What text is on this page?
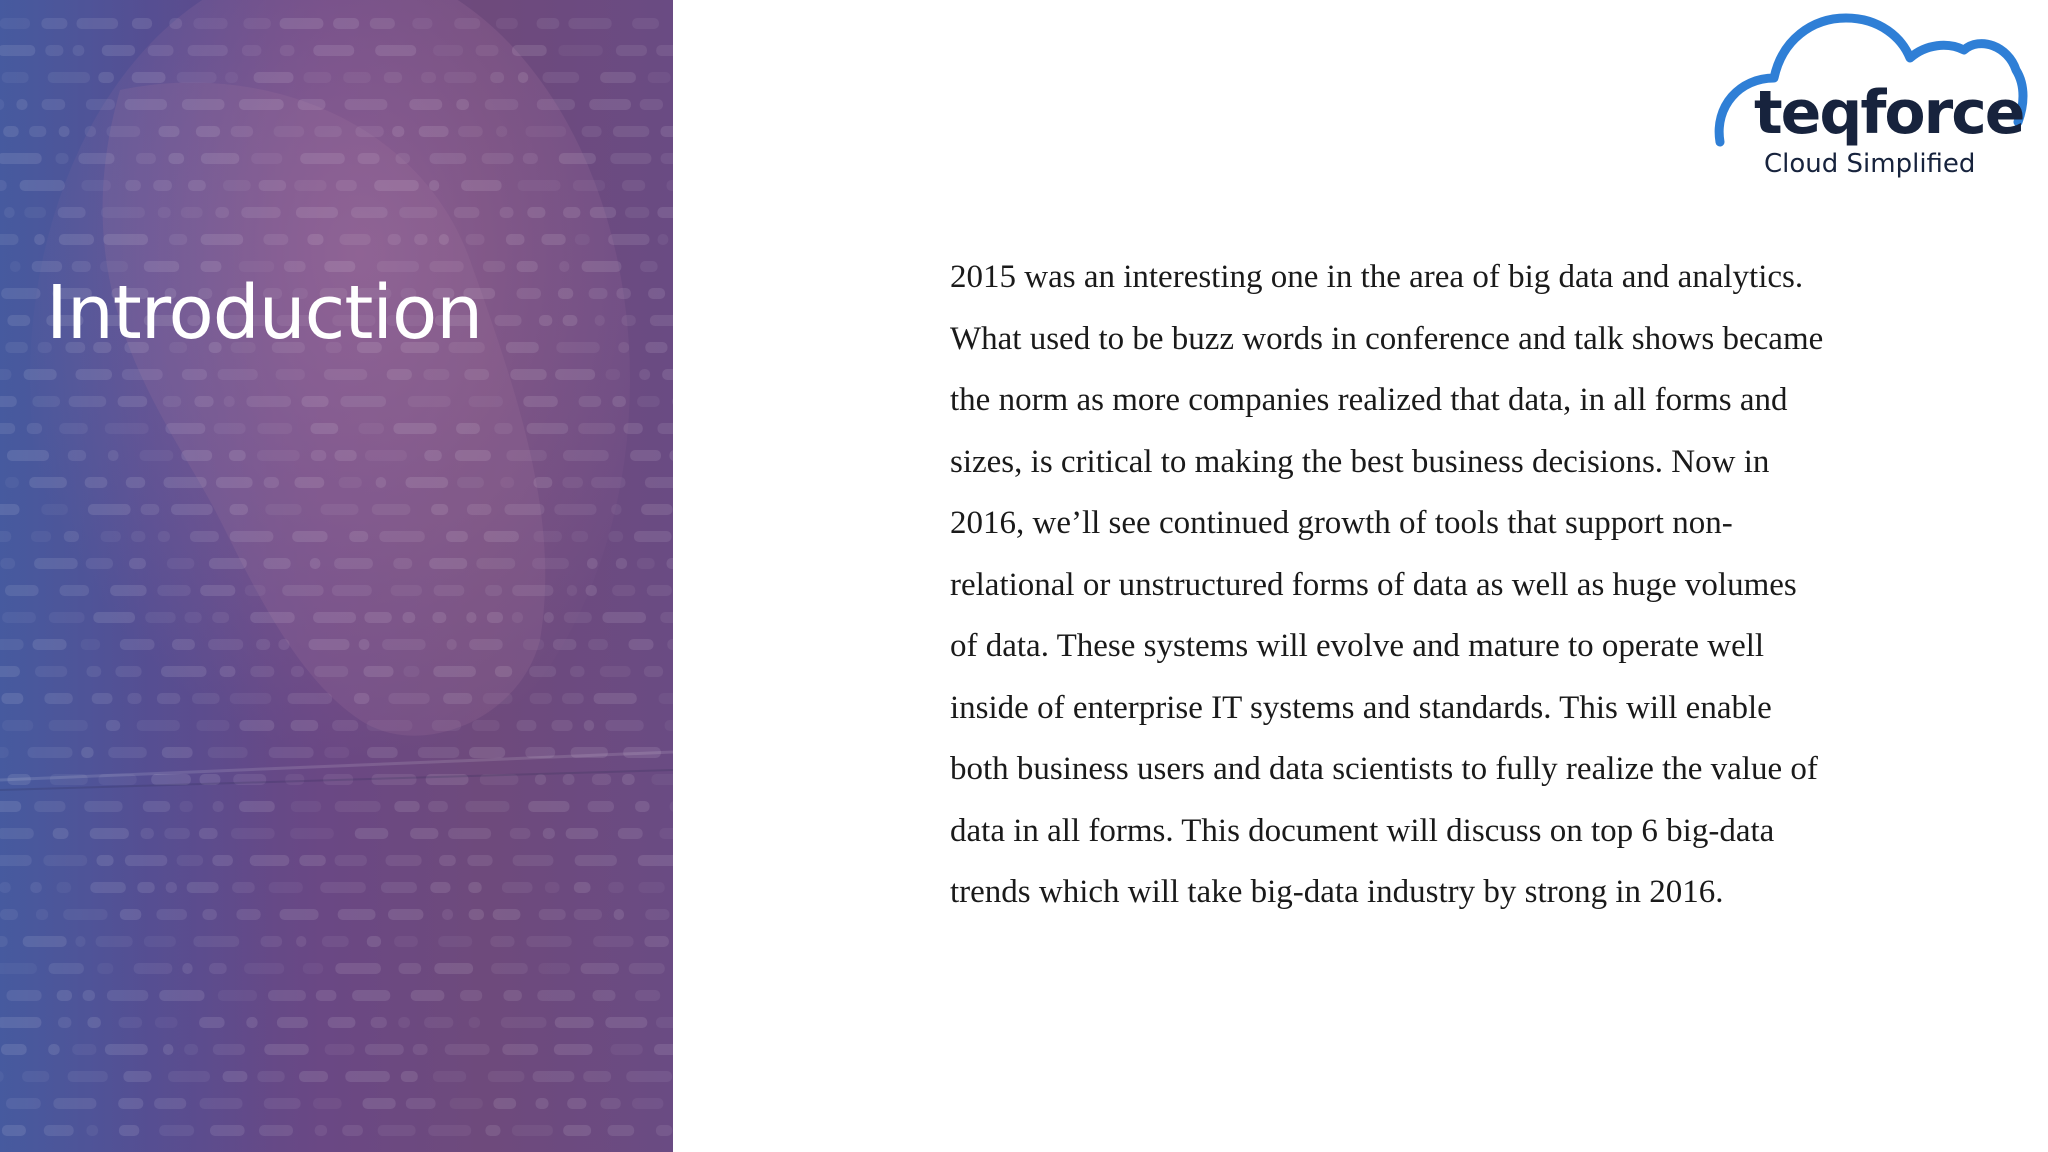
Introduction	2015 was an interesting one in the area of big data and analytics. What used to be buzz words in conference and talk shows became the norm as more companies realized that data, in all forms and sizes, is critical to making the best business decisions. Now in 2016, we’ll see continued growth of tools that support non-relational or unstructured forms of data as well as huge volumes of data. These systems will evolve and mature to operate well inside of enterprise IT systems and standards. This will enable both business users and data scientists to fully realize the value of data in all forms. This document will discuss on top 6 big-data trends which will take big-data industry by strong in 2016.

teqforce
Cloud Simplified
